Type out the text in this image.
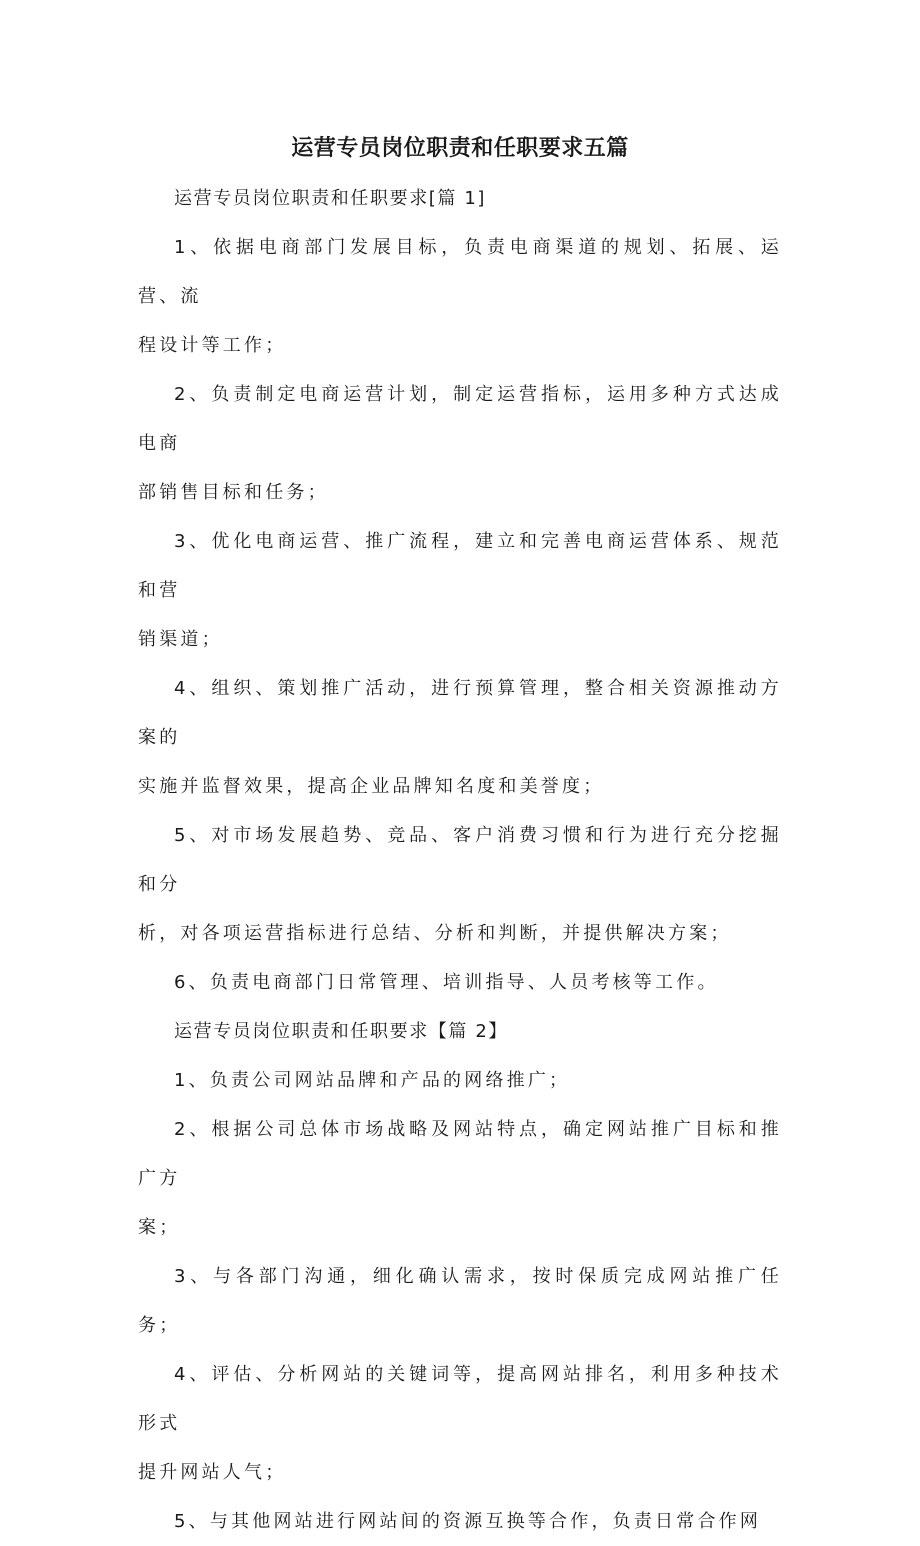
运营专员岗位职责和任职要求五篇

运营专员岗位职责和任职要求[篇 1]

1、依据电商部门发展目标，负责电商渠道的规划、拓展、运营、流
程设计等工作；

2、负责制定电商运营计划，制定运营指标，运用多种方式达成电商
部销售目标和任务；

3、优化电商运营、推广流程，建立和完善电商运营体系、规范和营
销渠道；

4、组织、策划推广活动，进行预算管理，整合相关资源推动方案的
实施并监督效果，提高企业品牌知名度和美誉度；

5、对市场发展趋势、竞品、客户消费习惯和行为进行充分挖掘和分
析，对各项运营指标进行总结、分析和判断，并提供解决方案；

6、负责电商部门日常管理、培训指导、人员考核等工作。

运营专员岗位职责和任职要求【篇 2】

1、负责公司网站品牌和产品的网络推广；

2、根据公司总体市场战略及网站特点，确定网站推广目标和推广方
案；

3、与各部门沟通，细化确认需求，按时保质完成网站推广任务；

4、评估、分析网站的关键词等，提高网站排名，利用多种技术形式
提升网站人气；

5、与其他网站进行网站间的资源互换等合作，负责日常合作网
